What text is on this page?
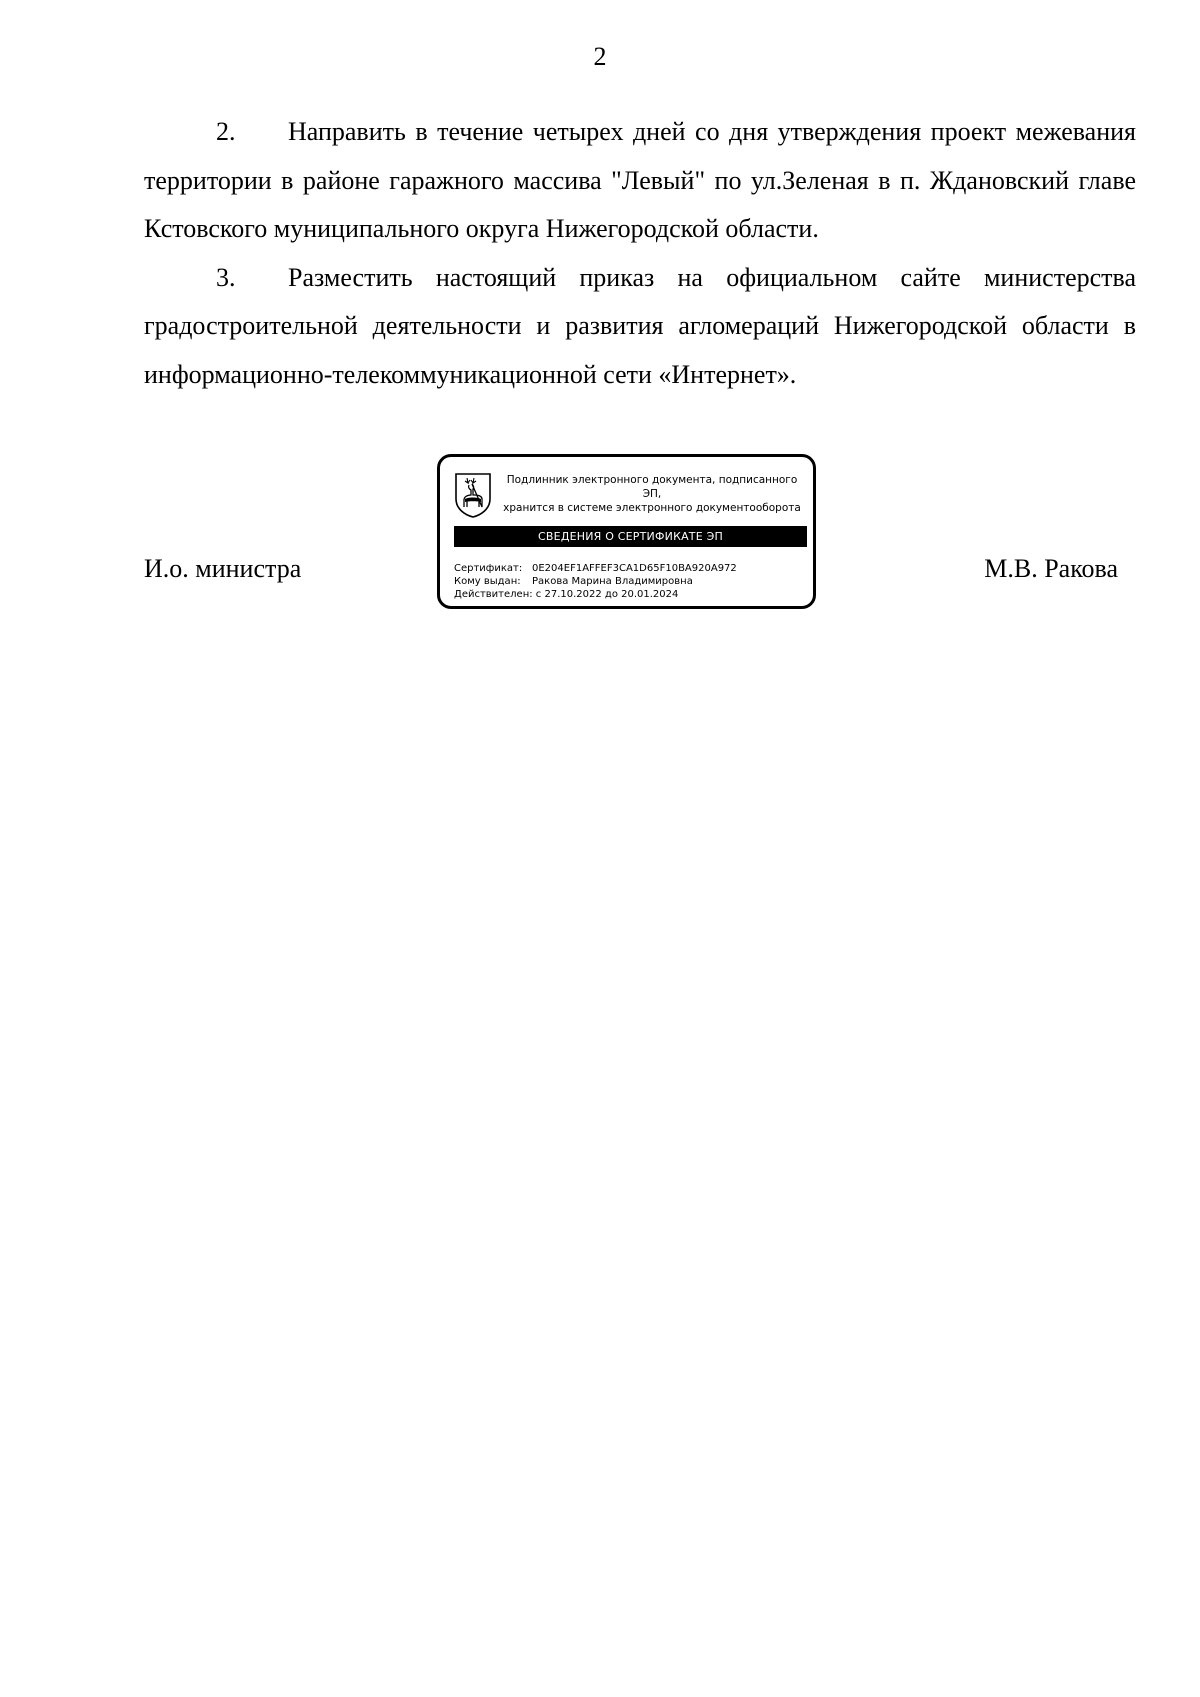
2

2. Направить в течение четырех дней со дня утверждения проект межевания территории в районе гаражного массива "Левый" по ул.Зеленая в п. Ждановский главе Кстовского муниципального округа Нижегородской области.

3. Разместить настоящий приказ на официальном сайте министерства градостроительной деятельности и развития агломераций Нижегородской области в информационно-телекоммуникационной сети «Интернет».

И.о. министра
Подлинник электронного документа, подписанного ЭП,
хранится в системе электронного документооборота
СВЕДЕНИЯ О СЕРТИФИКАТЕ ЭП
Сертификат: 0E204EF1AFFEF3CA1D65F10BA920A972
Кому выдан: Ракова Марина Владимировна
Действителен: с 27.10.2022 до 20.01.2024
М.В. Ракова
